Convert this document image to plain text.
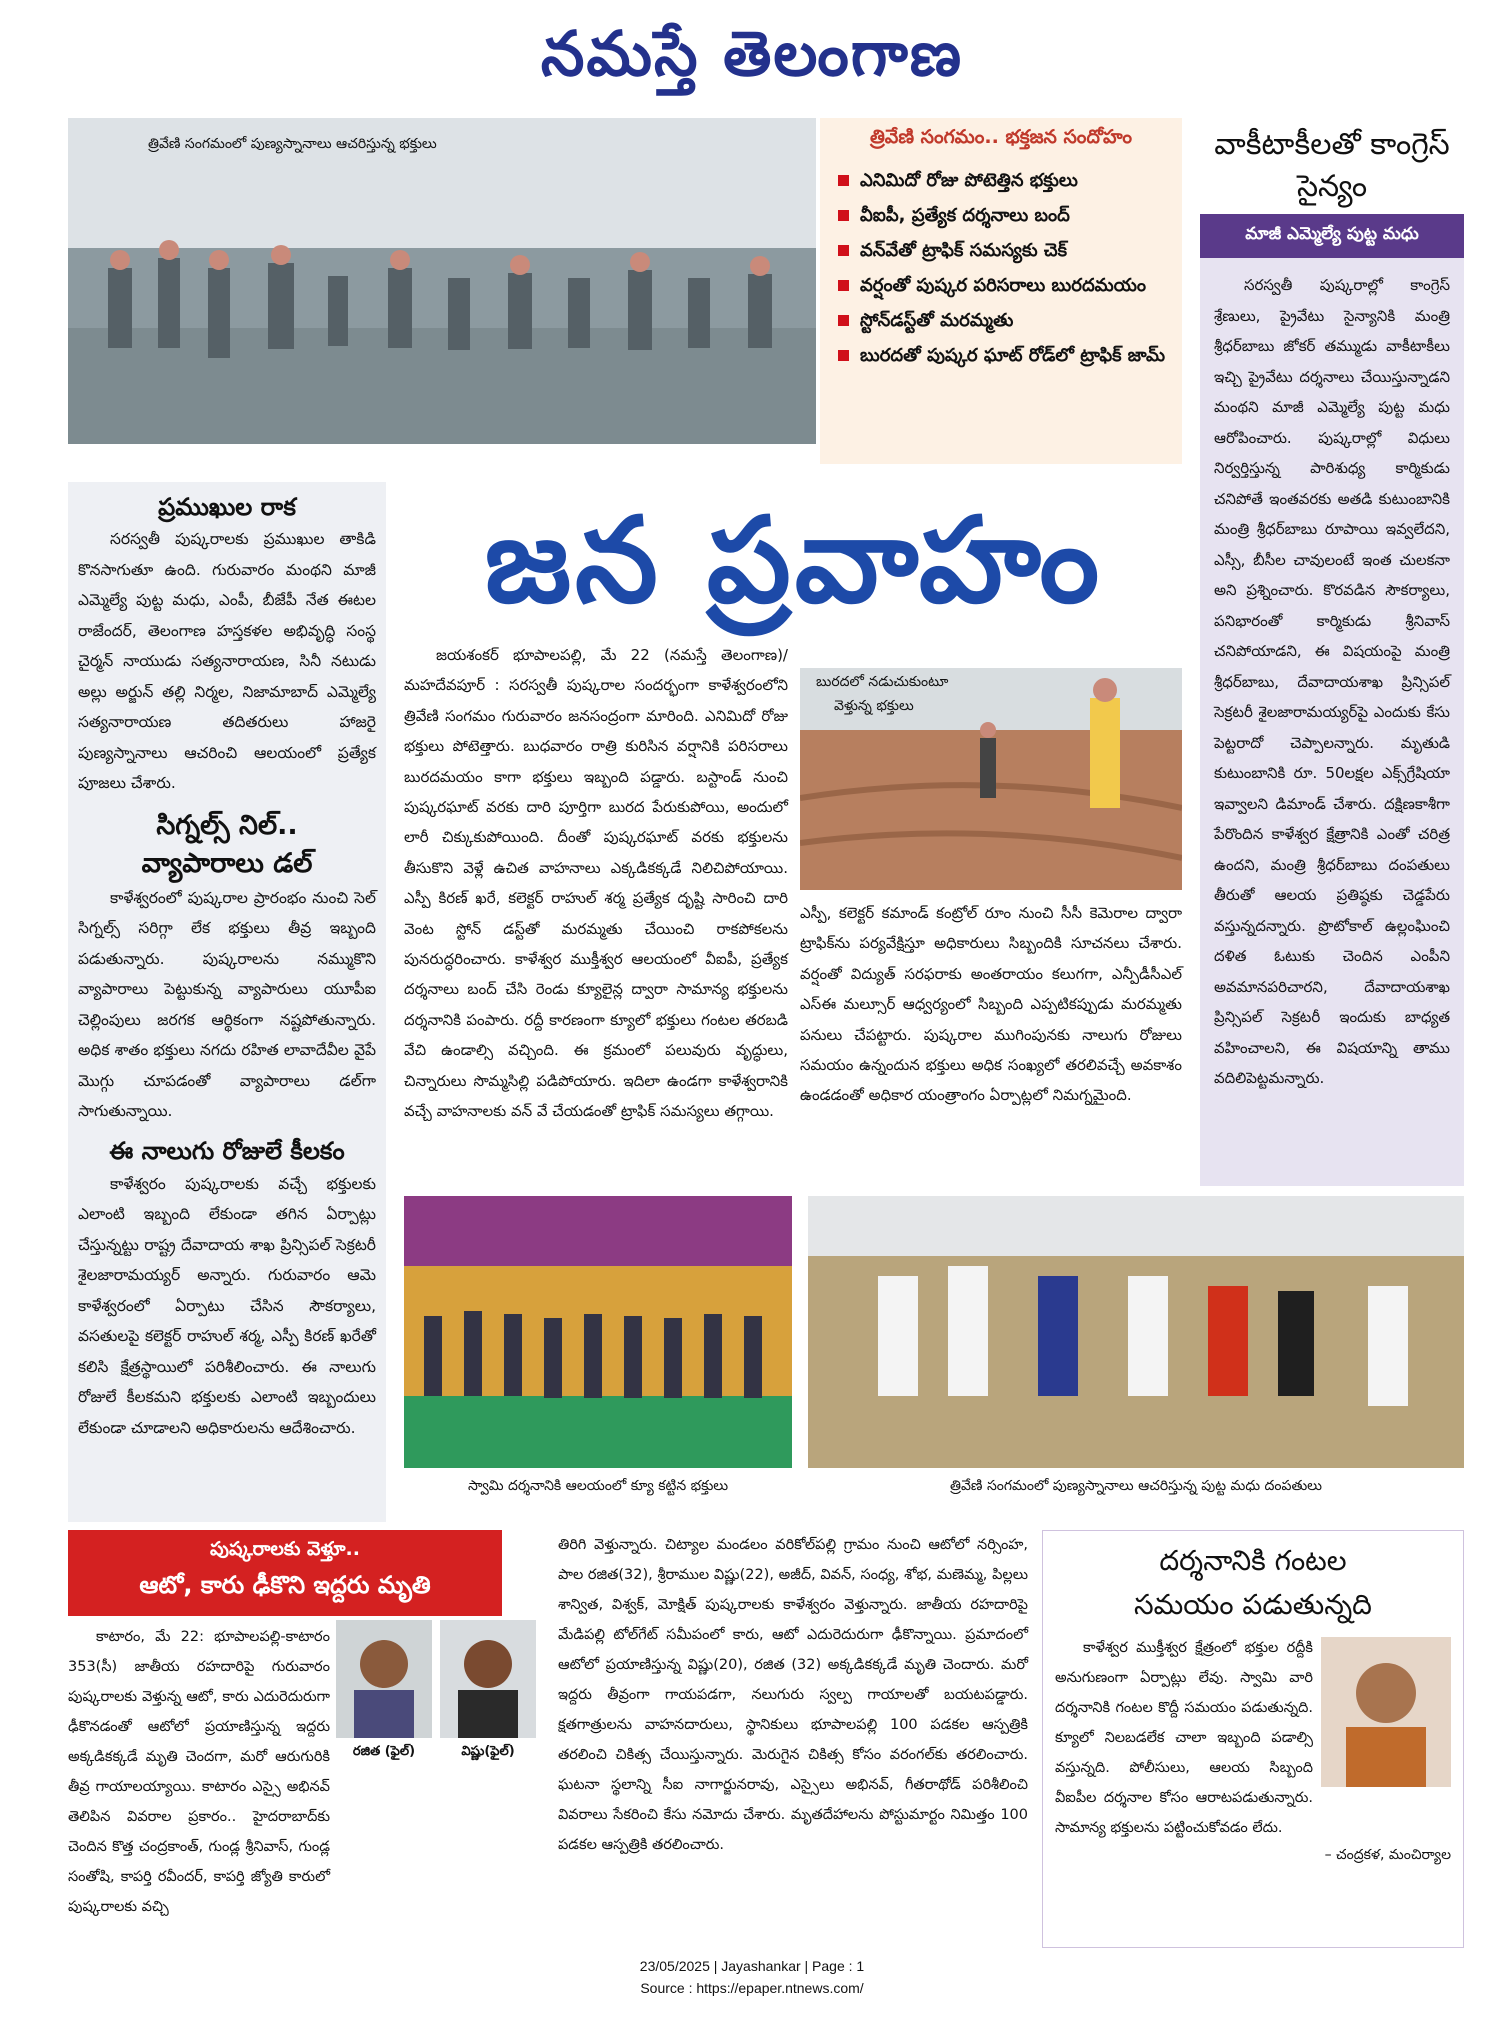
నమస్తే తెలంగాణ
త్రివేణి సంగమంలో పుణ్యస్నానాలు ఆచరిస్తున్న భక్తులు	త్రివేణి సంగమం.. భక్తజన సందోహం
ఎనిమిదో రోజు పోటెత్తిన భక్తులు
వీఐపీ, ప్రత్యేక దర్శనాలు బంద్
వన్‌వేతో ట్రాఫిక్ సమస్యకు చెక్
వర్షంతో పుష్కర పరిసరాలు బురదమయం
స్టోన్‌డస్ట్‌తో మరమ్మతు
బురదతో పుష్కర ఘాట్ రోడ్‌లో ట్రాఫిక్ జామ్
వాకీటాకీలతో కాంగ్రెస్ సైన్యం
మాజీ ఎమ్మెల్యే పుట్ట మధు
సరస్వతీ పుష్కరాల్లో కాంగ్రెస్ శ్రేణులు, ప్రైవేటు సైన్యానికి మంత్రి శ్రీధర్‌బాబు జోకర్ తమ్ముడు వాకీటాకీలు ఇచ్చి ప్రైవేటు దర్శనాలు చేయిస్తున్నాడని మంథని మాజీ ఎమ్మెల్యే పుట్ట మధు ఆరోపించారు. పుష్కరాల్లో విధులు నిర్వర్తిస్తున్న పారిశుధ్య కార్మికుడు చనిపోతే ఇంతవరకు అతడి కుటుంబానికి మంత్రి శ్రీధర్‌బాబు రూపాయి ఇవ్వలేదని, ఎస్సీ, బీసీల చావులంటే ఇంత చులకనా అని ప్రశ్నించారు. కొరవడిన సౌకర్యాలు, పనిభారంతో కార్మికుడు శ్రీనివాస్ చనిపోయాడని, ఈ విషయంపై మంత్రి శ్రీధర్‌బాబు, దేవాదాయశాఖ ప్రిన్సిపల్ సెక్రటరీ శైలజారామయ్యర్‌పై ఎందుకు కేసు పెట్టరాదో చెప్పాలన్నారు. మృతుడి కుటుంబానికి రూ. 50లక్షల ఎక్స్‌గ్రేషియా ఇవ్వాలని డిమాండ్ చేశారు. దక్షిణకాశీగా పేరొందిన కాళేశ్వర క్షేత్రానికి ఎంతో చరిత్ర ఉందని, మంత్రి శ్రీధర్‌బాబు దంపతులు తీరుతో ఆలయ ప్రతిష్ఠకు చెడ్డపేరు వస్తున్నదన్నారు. ప్రొటోకాల్ ఉల్లంఘించి దళిత ఓటుకు చెందిన ఎంపీని అవమానపరిచారని, దేవాదాయశాఖ ప్రిన్సిపల్ సెక్రటరీ ఇందుకు బాధ్యత వహించాలని, ఈ విషయాన్ని తాము వదిలిపెట్టమన్నారు.
ప్రముఖుల రాక
సరస్వతీ పుష్కరాలకు ప్రముఖుల తాకిడి కొనసాగుతూ ఉంది. గురువారం మంథని మాజీ ఎమ్మెల్యే పుట్ట మధు, ఎంపీ, బీజేపీ నేత ఈటల రాజేందర్, తెలంగాణ హస్తకళల అభివృద్ధి సంస్థ చైర్మన్ నాయుడు సత్యనారాయణ, సినీ నటుడు అల్లు అర్జున్ తల్లి నిర్మల, నిజామాబాద్ ఎమ్మెల్యే సత్యనారాయణ తదితరులు హాజరై పుణ్యస్నానాలు ఆచరించి ఆలయంలో ప్రత్యేక పూజలు చేశారు.
సిగ్నల్స్ నిల్..
వ్యాపారాలు డల్
కాళేశ్వరంలో పుష్కరాల ప్రారంభం నుంచి సెల్ సిగ్నల్స్ సరిగ్గా లేక భక్తులు తీవ్ర ఇబ్బంది పడుతున్నారు. పుష్కరాలను నమ్ముకొని వ్యాపారాలు పెట్టుకున్న వ్యాపారులు యూపీఐ చెల్లింపులు జరగక ఆర్థికంగా నష్టపోతున్నారు. అధిక శాతం భక్తులు నగదు రహిత లావాదేవీల వైపే మొగ్గు చూపడంతో వ్యాపారాలు డల్‌గా సాగుతున్నాయి.
ఈ నాలుగు రోజులే కీలకం
కాళేశ్వరం పుష్కరాలకు వచ్చే భక్తులకు ఎలాంటి ఇబ్బంది లేకుండా తగిన ఏర్పాట్లు చేస్తున్నట్టు రాష్ట్ర దేవాదాయ శాఖ ప్రిన్సిపల్ సెక్రటరీ శైలజారామయ్యర్ అన్నారు. గురువారం ఆమె కాళేశ్వరంలో ఏర్పాటు చేసిన సౌకర్యాలు, వసతులపై కలెక్టర్ రాహుల్ శర్మ, ఎస్పీ కిరణ్ ఖరేతో కలిసి క్షేత్రస్థాయిలో పరిశీలించారు. ఈ నాలుగు రోజులే కీలకమని భక్తులకు ఎలాంటి ఇబ్బందులు లేకుండా చూడాలని అధికారులను ఆదేశించారు.
జన ప్రవాహం
జయశంకర్ భూపాలపల్లి, మే 22 (నమస్తే తెలంగాణ)/మహదేవపూర్ : సరస్వతీ పుష్కరాల సందర్భంగా కాళేశ్వరంలోని త్రివేణి సంగమం గురువారం జనసంద్రంగా మారింది. ఎనిమిదో రోజు భక్తులు పోటెత్తారు. బుధవారం రాత్రి కురిసిన వర్షానికి పరిసరాలు బురదమయం కాగా భక్తులు ఇబ్బంది పడ్డారు. బస్టాండ్ నుంచి పుష్కరఘాట్ వరకు దారి పూర్తిగా బురద పేరుకుపోయి, అందులో లారీ చిక్కుకుపోయింది. దీంతో పుష్కరఘాట్ వరకు భక్తులను తీసుకొని వెళ్లే ఉచిత వాహనాలు ఎక్కడికక్కడే నిలిచిపోయాయి. ఎస్పీ కిరణ్ ఖరే, కలెక్టర్ రాహుల్ శర్మ ప్రత్యేక దృష్టి సారించి దారి వెంట స్టోన్ డస్ట్‌తో మరమ్మతు చేయించి రాకపోకలను పునరుద్ధరించారు. కాళేశ్వర ముక్తీశ్వర ఆలయంలో వీఐపీ, ప్రత్యేక దర్శనాలు బంద్ చేసి రెండు క్యూలైన్ల ద్వారా సామాన్య భక్తులను దర్శనానికి పంపారు. రద్దీ కారణంగా క్యూలో భక్తులు గంటల తరబడి వేచి ఉండాల్సి వచ్చింది. ఈ క్రమంలో పలువురు వృద్ధులు, చిన్నారులు సొమ్మసిల్లి పడిపోయారు. ఇదిలా ఉండగా కాళేశ్వరానికి వచ్చే వాహనాలకు వన్ వే చేయడంతో ట్రాఫిక్ సమస్యలు తగ్గాయి.
బురదలో నడుచుకుంటూ
వెళ్తున్న భక్తులు
ఎస్పీ, కలెక్టర్ కమాండ్ కంట్రోల్ రూం నుంచి సీసీ కెమెరాల ద్వారా ట్రాఫిక్‌ను పర్యవేక్షిస్తూ అధికారులు సిబ్బందికి సూచనలు చేశారు. వర్షంతో విద్యుత్ సరఫరాకు అంతరాయం కలుగగా, ఎన్పీడీసీఎల్ ఎస్ఈ మల్సూర్ ఆధ్వర్యంలో సిబ్బంది ఎప్పటికప్పుడు మరమ్మతు పనులు చేపట్టారు. పుష్కరాల ముగింపునకు నాలుగు రోజులు సమయం ఉన్నందున భక్తులు అధిక సంఖ్యలో తరలివచ్చే అవకాశం ఉండడంతో అధికార యంత్రాంగం ఏర్పాట్లలో నిమగ్నమైంది.
స్వామి దర్శనానికి ఆలయంలో క్యూ కట్టిన భక్తులు	త్రివేణి సంగమంలో పుణ్యస్నానాలు ఆచరిస్తున్న పుట్ట మధు దంపతులు
పుష్కరాలకు వెళ్తూ..
ఆటో, కారు ఢీకొని ఇద్దరు మృతి
కాటారం, మే 22: భూపాలపల్లి-కాటారం 353(సీ) జాతీయ రహదారిపై గురువారం పుష్కరాలకు వెళ్తున్న ఆటో, కారు ఎదురెదురుగా ఢీకొనడంతో ఆటోలో ప్రయాణిస్తున్న ఇద్దరు అక్కడికక్కడే మృతి చెందగా, మరో ఆరుగురికి తీవ్ర గాయాలయ్యాయి. కాటారం ఎస్సై అభినవ్ తెలిపిన వివరాల ప్రకారం.. హైదరాబాద్‌కు చెందిన కొత్త చంద్రకాంత్, గుండ్ల శ్రీనివాస్, గుండ్ల సంతోషి, కాపర్తి రవీందర్, కాపర్తి జ్యోతి కారులో పుష్కరాలకు వచ్చి
రజిత (ఫైల్)	విష్ణు(ఫైల్)
తిరిగి వెళ్తున్నారు. చిట్యాల మండలం వరికోల్‌పల్లి గ్రామం నుంచి ఆటోలో నర్సింహ, పాల రజిత(32), శ్రీరాముల విష్ణు(22), అజీద్, వివన్, సంధ్య, శోభ, మణెమ్మ, పిల్లలు శాన్విత, విశ్వక్, మోక్షిత్ పుష్కరాలకు కాళేశ్వరం వెళ్తున్నారు. జాతీయ రహదారిపై మేడిపల్లి టోల్‌గేట్ సమీపంలో కారు, ఆటో ఎదురెదురుగా ఢీకొన్నాయి. ప్రమాదంలో ఆటోలో ప్రయాణిస్తున్న విష్ణు(20), రజిత (32) అక్కడికక్కడే మృతి చెందారు. మరో ఇద్దరు తీవ్రంగా గాయపడగా, నలుగురు స్వల్ప గాయాలతో బయటపడ్డారు. క్షతగాత్రులను వాహనదారులు, స్థానికులు భూపాలపల్లి 100 పడకల ఆస్పత్రికి తరలించి చికిత్స చేయిస్తున్నారు. మెరుగైన చికిత్స కోసం వరంగల్‌కు తరలించారు. ఘటనా స్థలాన్ని సీఐ నాగార్జునరావు, ఎస్సైలు అభినవ్, గీతరాథోడ్ పరిశీలించి వివరాలు సేకరించి కేసు నమోదు చేశారు. మృతదేహాలను పోస్టుమార్టం నిమిత్తం 100 పడకల ఆస్పత్రికి తరలించారు.
దర్శనానికి గంటల
సమయం పడుతున్నది
కాళేశ్వర ముక్తీశ్వర క్షేత్రంలో భక్తుల రద్దీకి అనుగుణంగా ఏర్పాట్లు లేవు. స్వామి వారి దర్శనానికి గంటల కొద్దీ సమయం పడుతున్నది. క్యూలో నిలబడలేక చాలా ఇబ్బంది పడాల్సి వస్తున్నది. పోలీసులు, ఆలయ సిబ్బంది వీఐపీల దర్శనాల కోసం ఆరాటపడుతున్నారు. సామాన్య భక్తులను పట్టించుకోవడం లేదు.
– చంద్రకళ, మంచిర్యాల
23/05/2025 | Jayashankar | Page : 1
Source : https://epaper.ntnews.com/
